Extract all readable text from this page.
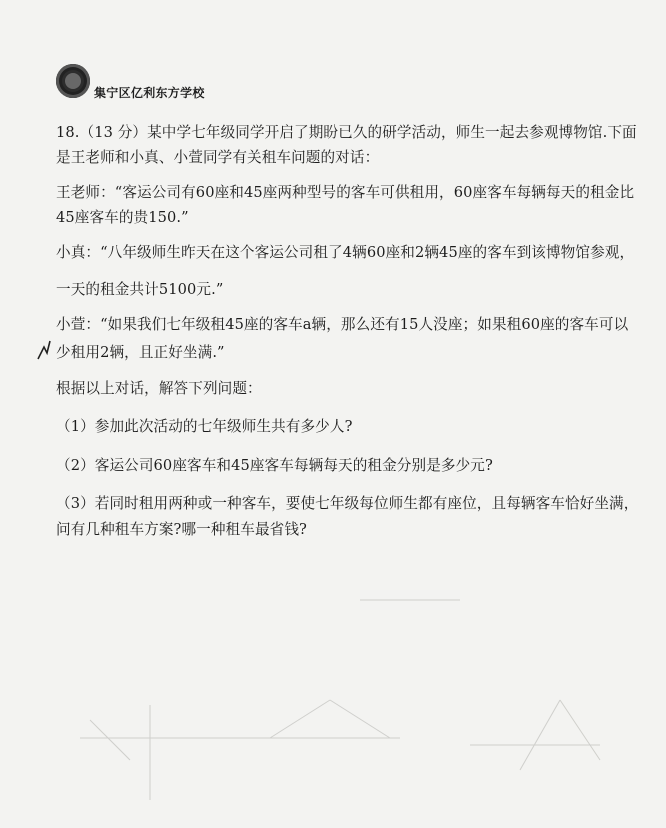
集宁区亿利东方学校
18.（13 分）某中学七年级同学开启了期盼已久的研学活动，师生一起去参观博物馆.下面
是王老师和小真、小萱同学有关租车问题的对话：
王老师：“客运公司有60座和45座两种型号的客车可供租用，60座客车每辆每天的租金比
45座客车的贵150.”
小真：“八年级师生昨天在这个客运公司租了4辆60座和2辆45座的客车到该博物馆参观，
一天的租金共计5100元.”
小萱：“如果我们七年级租45座的客车a辆，那么还有15人没座；如果租60座的客车可以
少租用2辆，且正好坐满.”
根据以上对话，解答下列问题：
（1）参加此次活动的七年级师生共有多少人?
（2）客运公司60座客车和45座客车每辆每天的租金分别是多少元?
（3）若同时租用两种或一种客车，要使七年级每位师生都有座位，且每辆客车恰好坐满，
问有几种租车方案?哪一种租车最省钱?
